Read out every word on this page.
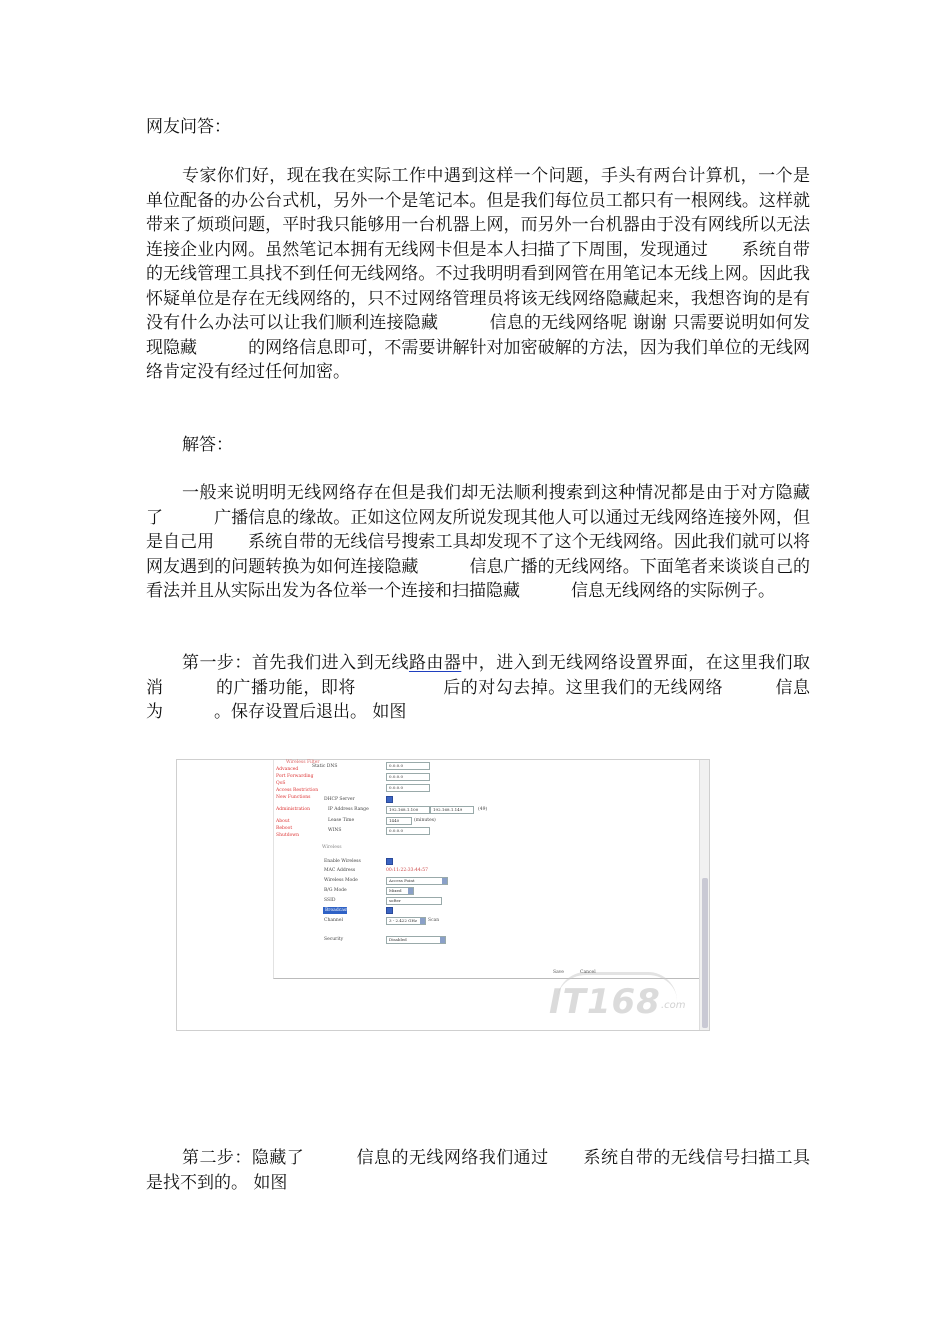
网友问答：

专家你们好，现在我在实际工作中遇到这样一个问题，手头有两台计算机，一个是单位配备的办公台式机，另外一个是笔记本。但是我们每位员工都只有一根网线。这样就带来了烦琐问题，平时我只能够用一台机器上网，而另外一台机器由于没有网线所以无法连接企业内网。虽然笔记本拥有无线网卡但是本人扫描了下周围，发现通过　　系统自带的无线管理工具找不到任何无线网络。不过我明明看到网管在用笔记本无线上网。因此我怀疑单位是存在无线网络的，只不过网络管理员将该无线网络隐藏起来，我想咨询的是有没有什么办法可以让我们顺利连接隐藏　　　信息的无线网络呢 谢谢 只需要说明如何发现隐藏　　　的网络信息即可，不需要讲解针对加密破解的方法，因为我们单位的无线网络肯定没有经过任何加密。

解答：

一般来说明明无线网络存在但是我们却无法顺利搜索到这种情况都是由于对方隐藏了　　　广播信息的缘故。正如这位网友所说发现其他人可以通过无线网络连接外网，但是自己用　　系统自带的无线信号搜索工具却发现不了这个无线网络。因此我们就可以将网友遇到的问题转换为如何连接隐藏　　　信息广播的无线网络。下面笔者来谈谈自己的看法并且从实际出发为各位举一个连接和扫描隐藏　　　信息无线网络的实际例子。

第一步：首先我们进入到无线路由器中，进入到无线网络设置界面，在这里我们取消　　　的广播功能，即将　　　　　后的对勾去掉。这里我们的无线网络　　　信息为　　　。保存设置后退出。 如图

IT168 .com
Wireless Filter
Advanced
Port Forwarding
QoS
Access Restriction
New Functions
Administration
About
Reboot
Shutdown
Static DNS	0.0.0.0
0.0.0.0
0.0.0.0
DHCP Server
IP Address Range	192.168.1.100	192.168.1.149	(49)
Lease Time	1440	(minutes)
WINS	0.0.0.0
Wireless
Enable Wireless
MAC Address	00:11:22:33:44:57
Wireless Mode	Access Point
B/G Mode	Mixed
SSID	softer
Broadcast
Channel	3 - 2.422 GHz	Scan
Security	Disabled
Save	Cancel

第二步：隐藏了　　　信息的无线网络我们通过　　系统自带的无线信号扫描工具是找不到的。 如图
